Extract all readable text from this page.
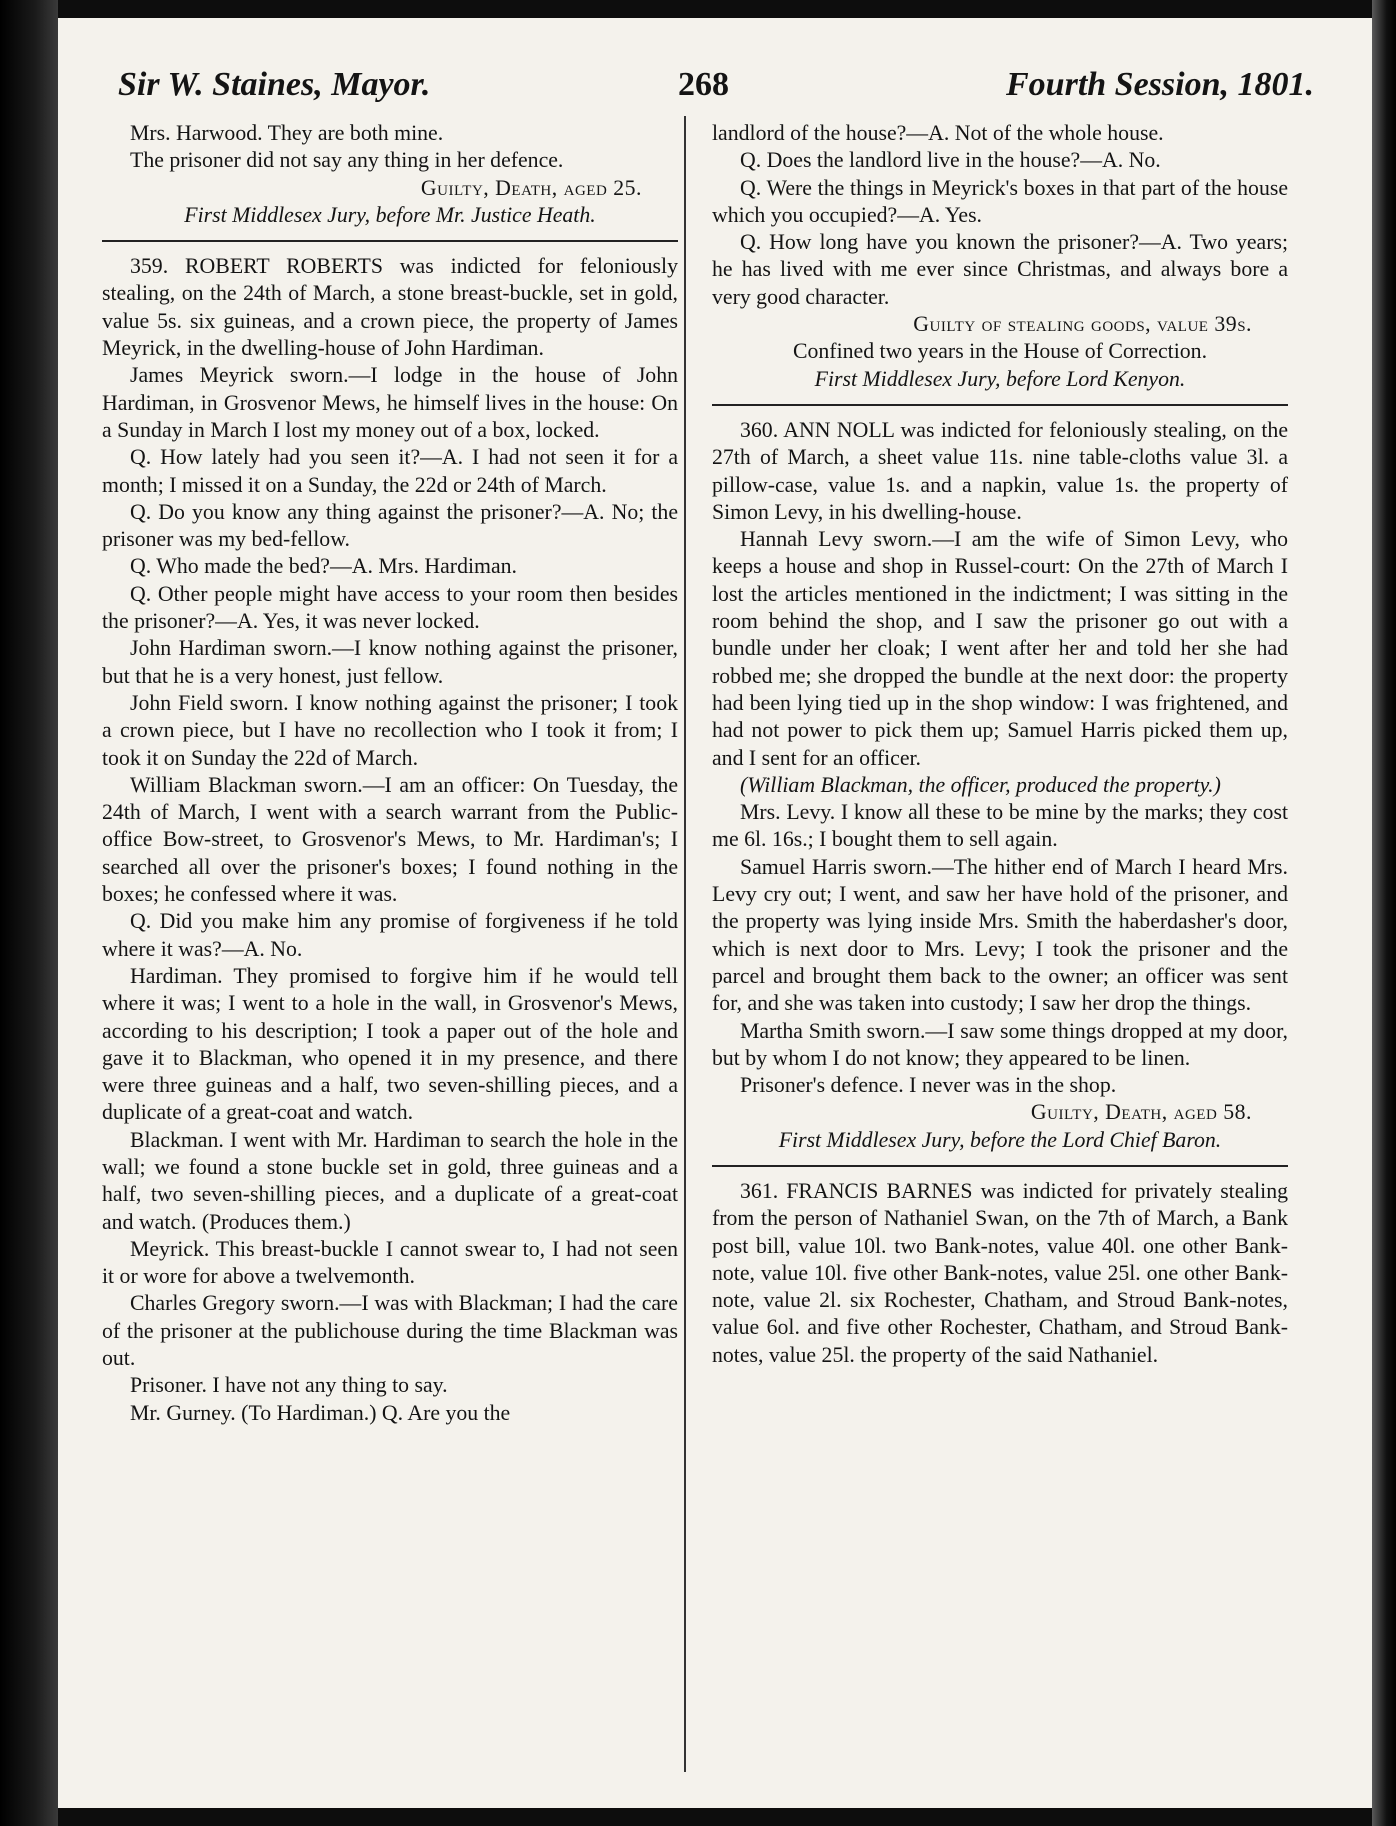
Sir W. Staines, Mayor.	268	Fourth Session, 1801.

Mrs. Harwood. They are both mine.

The prisoner did not say any thing in her defence.

Guilty, Death, aged 25.

First Middlesex Jury, before Mr. Justice Heath.

359. ROBERT ROBERTS was indicted for feloniously stealing, on the 24th of March, a stone breast-buckle, set in gold, value 5s. six guineas, and a crown piece, the property of James Meyrick, in the dwelling-house of John Hardiman.

James Meyrick sworn.—I lodge in the house of John Hardiman, in Grosvenor Mews, he himself lives in the house: On a Sunday in March I lost my money out of a box, locked.

Q. How lately had you seen it?—A. I had not seen it for a month; I missed it on a Sunday, the 22d or 24th of March.

Q. Do you know any thing against the prisoner?—A. No; the prisoner was my bed-fellow.

Q. Who made the bed?—A. Mrs. Hardiman.

Q. Other people might have access to your room then besides the prisoner?—A. Yes, it was never locked.

John Hardiman sworn.—I know nothing against the prisoner, but that he is a very honest, just fellow.

John Field sworn. I know nothing against the prisoner; I took a crown piece, but I have no recollection who I took it from; I took it on Sunday the 22d of March.

William Blackman sworn.—I am an officer: On Tuesday, the 24th of March, I went with a search warrant from the Public-office Bow-street, to Grosvenor's Mews, to Mr. Hardiman's; I searched all over the prisoner's boxes; I found nothing in the boxes; he confessed where it was.

Q. Did you make him any promise of forgiveness if he told where it was?—A. No.

Hardiman. They promised to forgive him if he would tell where it was; I went to a hole in the wall, in Grosvenor's Mews, according to his description; I took a paper out of the hole and gave it to Blackman, who opened it in my presence, and there were three guineas and a half, two seven-shilling pieces, and a duplicate of a great-coat and watch.

Blackman. I went with Mr. Hardiman to search the hole in the wall; we found a stone buckle set in gold, three guineas and a half, two seven-shilling pieces, and a duplicate of a great-coat and watch. (Produces them.)

Meyrick. This breast-buckle I cannot swear to, I had not seen it or wore for above a twelvemonth.

Charles Gregory sworn.—I was with Blackman; I had the care of the prisoner at the publichouse during the time Blackman was out.

Prisoner. I have not any thing to say.

Mr. Gurney. (To Hardiman.) Q. Are you the

landlord of the house?—A. Not of the whole house.

Q. Does the landlord live in the house?—A. No.

Q. Were the things in Meyrick's boxes in that part of the house which you occupied?—A. Yes.

Q. How long have you known the prisoner?—A. Two years; he has lived with me ever since Christmas, and always bore a very good character.

Guilty of stealing goods, value 39s.

Confined two years in the House of Correction.

First Middlesex Jury, before Lord Kenyon.

360. ANN NOLL was indicted for feloniously stealing, on the 27th of March, a sheet value 11s. nine table-cloths value 3l. a pillow-case, value 1s. and a napkin, value 1s. the property of Simon Levy, in his dwelling-house.

Hannah Levy sworn.—I am the wife of Simon Levy, who keeps a house and shop in Russel-court: On the 27th of March I lost the articles mentioned in the indictment; I was sitting in the room behind the shop, and I saw the prisoner go out with a bundle under her cloak; I went after her and told her she had robbed me; she dropped the bundle at the next door: the property had been lying tied up in the shop window: I was frightened, and had not power to pick them up; Samuel Harris picked them up, and I sent for an officer.

(William Blackman, the officer, produced the property.)

Mrs. Levy. I know all these to be mine by the marks; they cost me 6l. 16s.; I bought them to sell again.

Samuel Harris sworn.—The hither end of March I heard Mrs. Levy cry out; I went, and saw her have hold of the prisoner, and the property was lying inside Mrs. Smith the haberdasher's door, which is next door to Mrs. Levy; I took the prisoner and the parcel and brought them back to the owner; an officer was sent for, and she was taken into custody; I saw her drop the things.

Martha Smith sworn.—I saw some things dropped at my door, but by whom I do not know; they appeared to be linen.

Prisoner's defence. I never was in the shop.

Guilty, Death, aged 58.

First Middlesex Jury, before the Lord Chief Baron.

361. FRANCIS BARNES was indicted for privately stealing from the person of Nathaniel Swan, on the 7th of March, a Bank post bill, value 10l. two Bank-notes, value 40l. one other Bank-note, value 10l. five other Bank-notes, value 25l. one other Bank-note, value 2l. six Rochester, Chatham, and Stroud Bank-notes, value 6ol. and five other Rochester, Chatham, and Stroud Bank-notes, value 25l. the property of the said Nathaniel.
